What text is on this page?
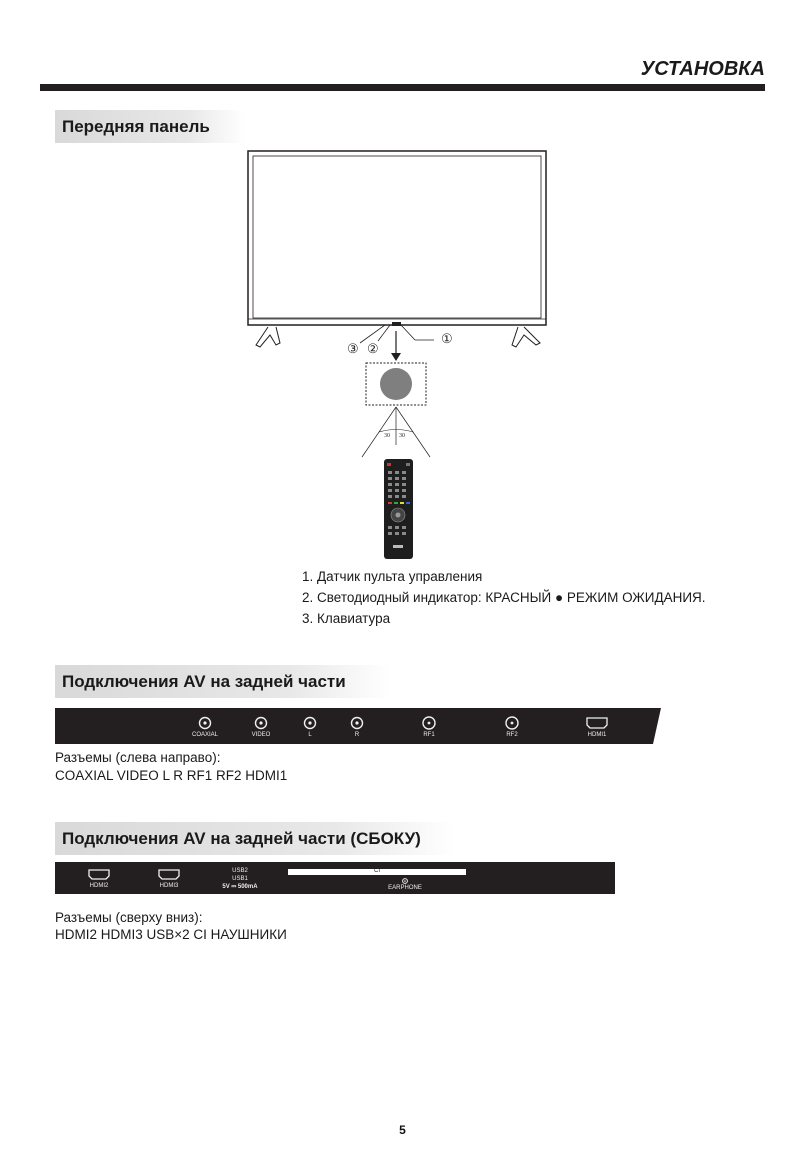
УСТАНОВКА
Передняя панель
①
②
③
30 30
1. Датчик пульта управления
2. Светодиодный индикатор: КРАСНЫЙ ● РЕЖИМ ОЖИДАНИЯ.
3. Клавиатура
Подключения AV на задней части
COAXIAL	VIDEO	L	R	RF1	RF2	HDMI1
Разъемы (слева направо):
COAXIAL VIDEO L R RF1 RF2 HDMI1
Подключения AV на задней части (СБОКУ)
HDMI2	HDMI3
USB2
USB1
5V ⎓ 500mA
CI
EARPHONE
Разъемы (сверху вниз):
HDMI2 HDMI3 USB×2 CI НАУШНИКИ
5
